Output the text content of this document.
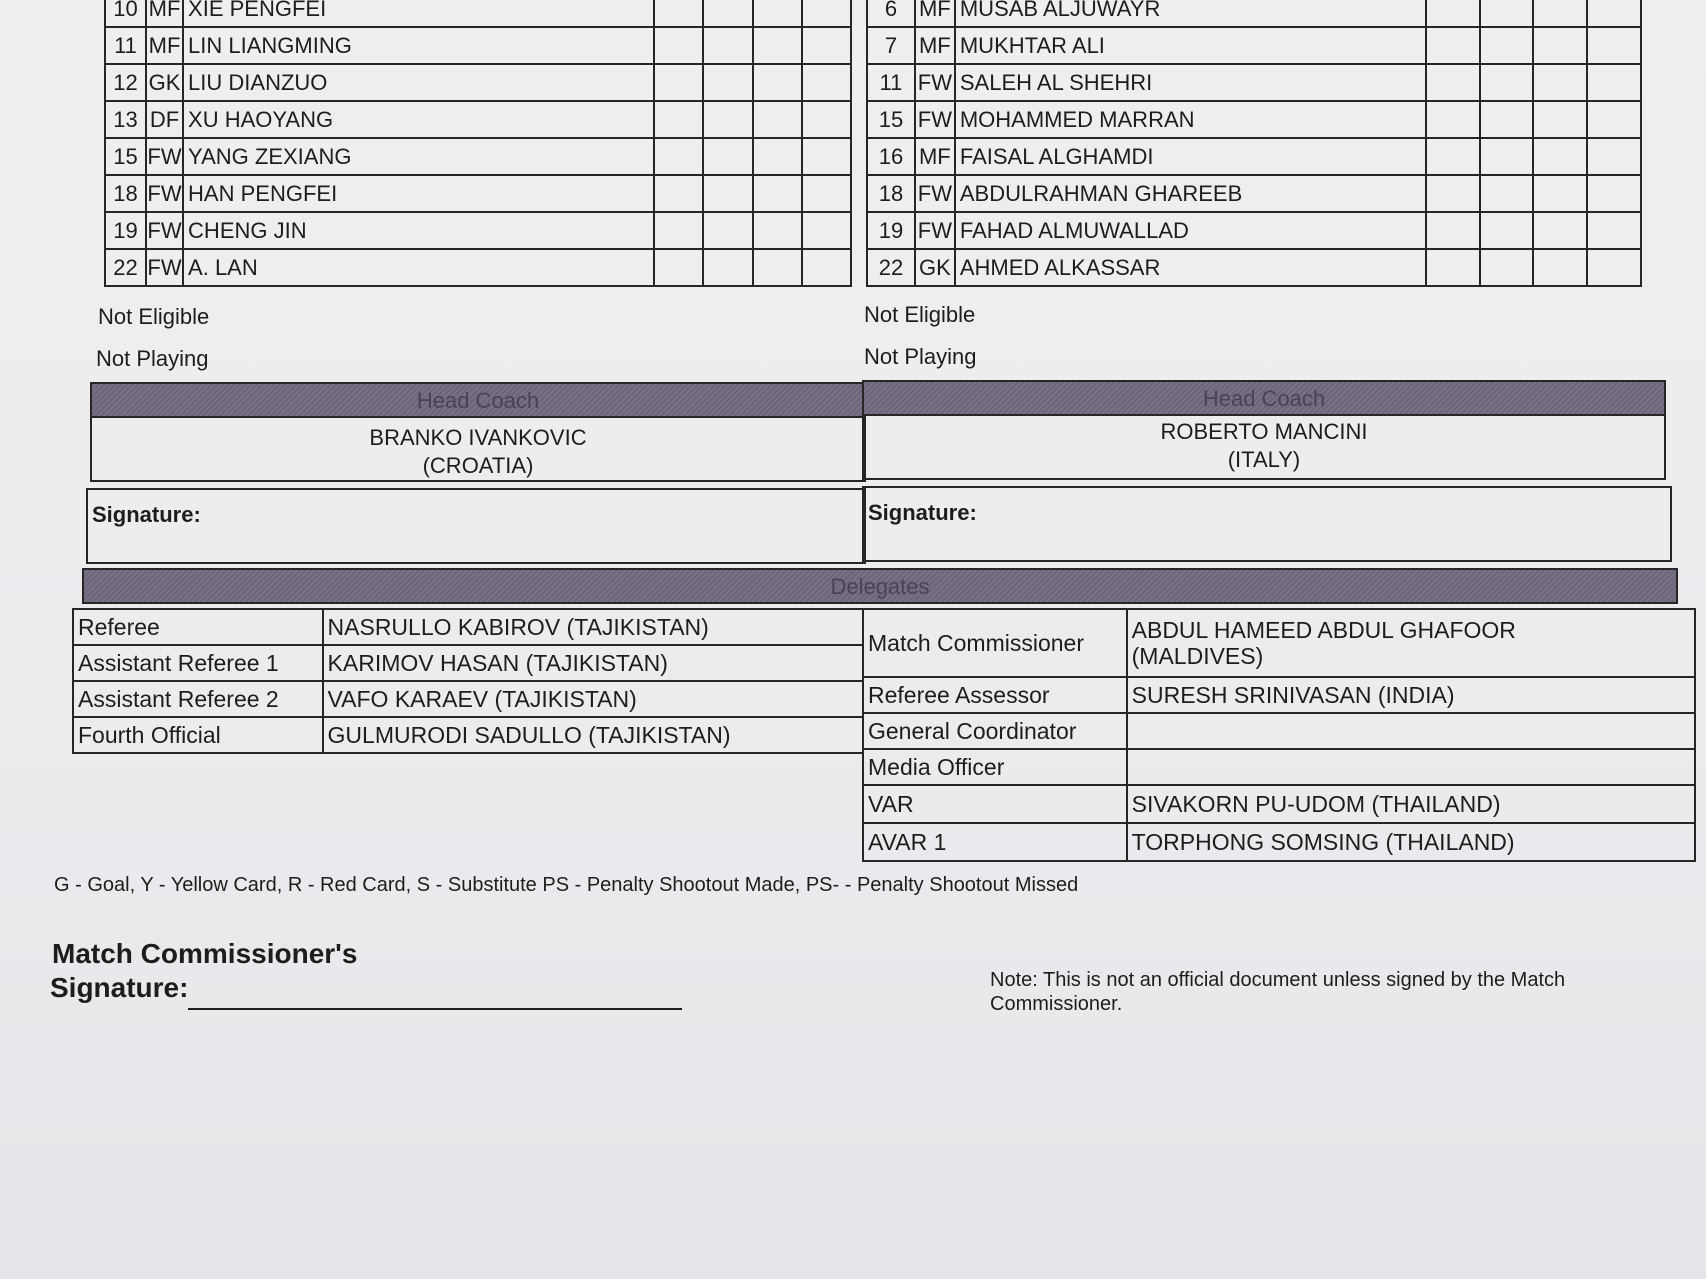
10	MF	XIE PENGFEI				
11	MF	LIN LIANGMING				
12	GK	LIU DIANZUO				
13	DF	XU HAOYANG				
15	FW	YANG ZEXIANG				
18	FW	HAN PENGFEI				
19	FW	CHENG JIN				
22	FW	A. LAN				
6	MF	MUSAB ALJUWAYR				
7	MF	MUKHTAR ALI				
11	FW	SALEH AL SHEHRI				
15	FW	MOHAMMED MARRAN				
16	MF	FAISAL ALGHAMDI				
18	FW	ABDULRAHMAN GHAREEB				
19	FW	FAHAD ALMUWALLAD				
22	GK	AHMED ALKASSAR				
Not Eligible
Not Playing
Not Eligible
Not Playing
Head Coach
BRANKO IVANKOVIC
(CROATIA)
Head Coach
ROBERTO MANCINI
(ITALY)
Signature:	Signature:
Delegates
Referee	NASRULLO KABIROV (TAJIKISTAN)

Assistant Referee 1	KARIMOV HASAN (TAJIKISTAN)

Assistant Referee 2	VAFO KARAEV (TAJIKISTAN)

Fourth Official	GULMURODI SADULLO (TAJIKISTAN)
Match Commissioner	ABDUL HAMEED ABDUL GHAFOOR
(MALDIVES)

Referee Assessor	SURESH SRINIVASAN (INDIA)

General Coordinator	

Media Officer	

VAR	SIVAKORN PU-UDOM (THAILAND)

AVAR 1	TORPHONG SOMSING (THAILAND)
G - Goal, Y - Yellow Card, R - Red Card, S - Substitute PS - Penalty Shootout Made, PS- - Penalty Shootout Missed
Match Commissioner's
Signature:	Note: This is not an official document unless signed by the Match Commissioner.
